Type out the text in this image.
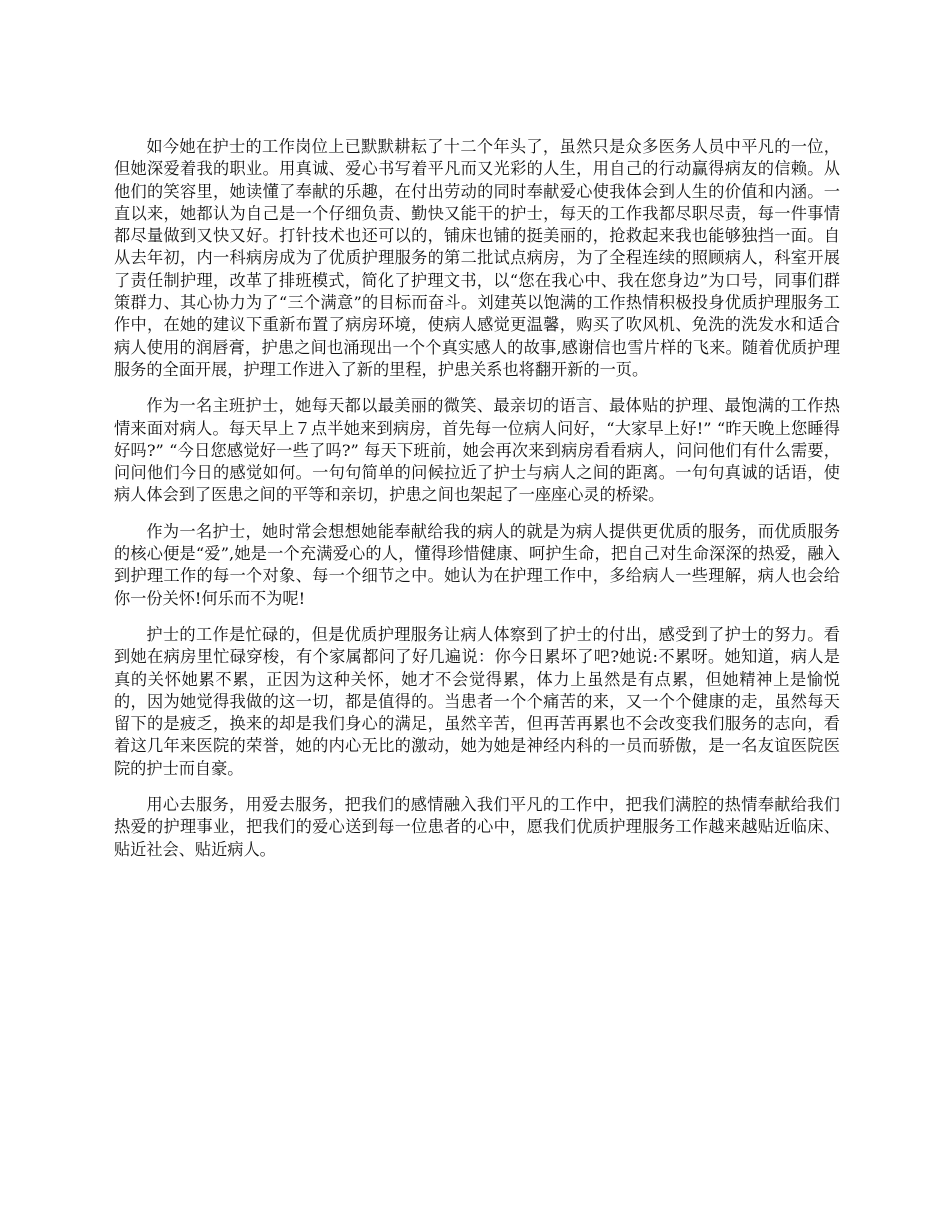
如今她在护士的工作岗位上已默默耕耘了十二个年头了，虽然只是众多医务人员中平凡的一位，但她深爱着我的职业。用真诚、爱心书写着平凡而又光彩的人生，用自己的行动赢得病友的信赖。从他们的笑容里，她读懂了奉献的乐趣，在付出劳动的同时奉献爱心使我体会到人生的价值和内涵。一直以来，她都认为自己是一个仔细负责、勤快又能干的护士，每天的工作我都尽职尽责，每一件事情都尽量做到又快又好。打针技术也还可以的，铺床也铺的挺美丽的，抢救起来我也能够独挡一面。自从去年初，内一科病房成为了优质护理服务的第二批试点病房，为了全程连续的照顾病人，科室开展了责任制护理，改革了排班模式，简化了护理文书，以“您在我心中、我在您身边”为口号，同事们群策群力、其心协力为了“三个满意”的目标而奋斗。刘建英以饱满的工作热情积极投身优质护理服务工作中，在她的建议下重新布置了病房环境，使病人感觉更温馨，购买了吹风机、免洗的洗发水和适合病人使用的润唇膏，护患之间也涌现出一个个真实感人的故事,感谢信也雪片样的飞来。随着优质护理服务的全面开展，护理工作进入了新的里程，护患关系也将翻开新的一页。

作为一名主班护士，她每天都以最美丽的微笑、最亲切的语言、最体贴的护理、最饱满的工作热情来面对病人。每天早上７点半她来到病房，首先每一位病人问好，“大家早上好!” “昨天晚上您睡得好吗?” “今日您感觉好一些了吗?” 每天下班前，她会再次来到病房看看病人，问问他们有什么需要，问问他们今日的感觉如何。一句句简单的问候拉近了护士与病人之间的距离。一句句真诚的话语，使病人体会到了医患之间的平等和亲切，护患之间也架起了一座座心灵的桥梁。

作为一名护士，她时常会想想她能奉献给我的病人的就是为病人提供更优质的服务，而优质服务的核心便是“爱”,她是一个充满爱心的人，懂得珍惜健康、呵护生命，把自己对生命深深的热爱，融入到护理工作的每一个对象、每一个细节之中。她认为在护理工作中，多给病人一些理解，病人也会给你一份关怀!何乐而不为呢!

护士的工作是忙碌的，但是优质护理服务让病人体察到了护士的付出，感受到了护士的努力。看到她在病房里忙碌穿梭，有个家属都问了好几遍说：你今日累坏了吧?她说:不累呀。她知道，病人是真的关怀她累不累，正因为这种关怀，她才不会觉得累，体力上虽然是有点累，但她精神上是愉悦的，因为她觉得我做的这一切，都是值得的。当患者一个个痛苦的来，又一个个健康的走，虽然每天留下的是疲乏，换来的却是我们身心的满足，虽然辛苦，但再苦再累也不会改变我们服务的志向，看着这几年来医院的荣誉，她的内心无比的激动，她为她是神经内科的一员而骄傲，是一名友谊医院医院的护士而自豪。

用心去服务，用爱去服务，把我们的感情融入我们平凡的工作中，把我们满腔的热情奉献给我们热爱的护理事业，把我们的爱心送到每一位患者的心中，愿我们优质护理服务工作越来越贴近临床、贴近社会、贴近病人。
